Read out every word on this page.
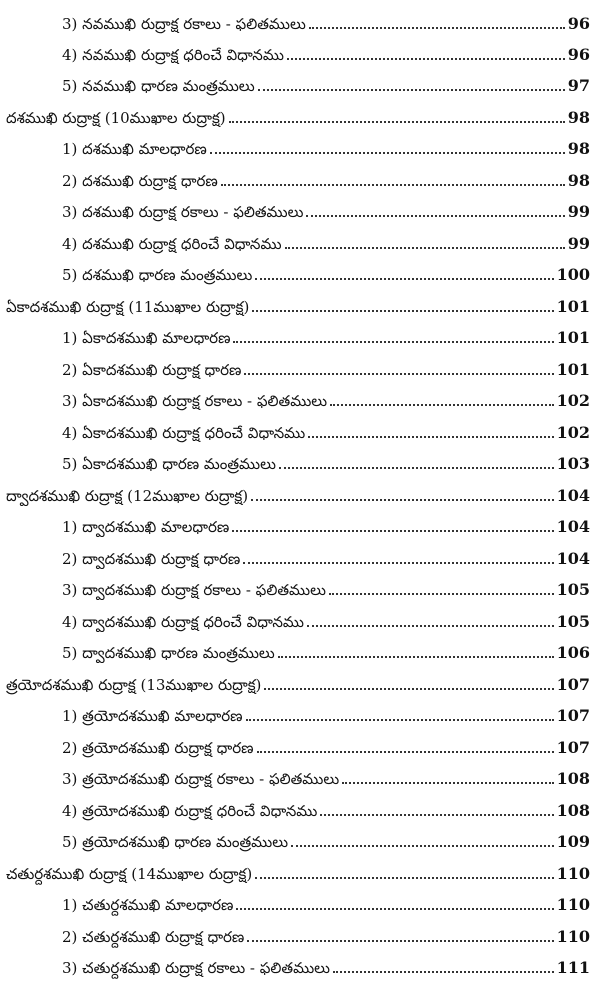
3) నవముఖి రుద్రాక్ష రకాలు - ఫలితములు	96
4) నవముఖి రుద్రాక్ష ధరించే విధానము	96
5) నవముఖి ధారణ మంత్రములు	97
దశముఖి రుద్రాక్ష (10ముఖాల రుద్రాక్ష)	98
1) దశముఖి మాలధారణ	98
2) దశముఖి రుద్రాక్ష ధారణ	98
3) దశముఖి రుద్రాక్ష రకాలు - ఫలితములు	99
4) దశముఖి రుద్రాక్ష ధరించే విధానము	99
5) దశముఖి ధారణ మంత్రములు	100
ఏకాదశముఖి రుద్రాక్ష (11ముఖాల రుద్రాక్ష)	101
1) ఏకాదశముఖి మాలధారణ	101
2) ఏకాదశముఖి రుద్రాక్ష ధారణ	101
3) ఏకాదశముఖి రుద్రాక్ష రకాలు - ఫలితములు	102
4) ఏకాదశముఖి రుద్రాక్ష ధరించే విధానము	102
5) ఏకాదశముఖి ధారణ మంత్రములు	103
ద్వాదశముఖి రుద్రాక్ష (12ముఖాల రుద్రాక్ష)	104
1) ద్వాదశముఖి మాలధారణ	104
2) ద్వాదశముఖి రుద్రాక్ష ధారణ	104
3) ద్వాదశముఖి రుద్రాక్ష రకాలు - ఫలితములు	105
4) ద్వాదశముఖి రుద్రాక్ష ధరించే విధానము	105
5) ద్వాదశముఖి ధారణ మంత్రములు	106
త్రయోదశముఖి రుద్రాక్ష (13ముఖాల రుద్రాక్ష)	107
1) త్రయోదశముఖి మాలధారణ	107
2) త్రయోదశముఖి రుద్రాక్ష ధారణ	107
3) త్రయోదశముఖి రుద్రాక్ష రకాలు - ఫలితములు	108
4) త్రయోదశముఖి రుద్రాక్ష ధరించే విధానము	108
5) త్రయోదశముఖి ధారణ మంత్రములు	109
చతుర్దశముఖి రుద్రాక్ష (14ముఖాల రుద్రాక్ష)	110
1) చతుర్దశముఖి మాలధారణ	110
2) చతుర్దశముఖి రుద్రాక్ష ధారణ	110
3) చతుర్దశముఖి రుద్రాక్ష రకాలు - ఫలితములు	111
